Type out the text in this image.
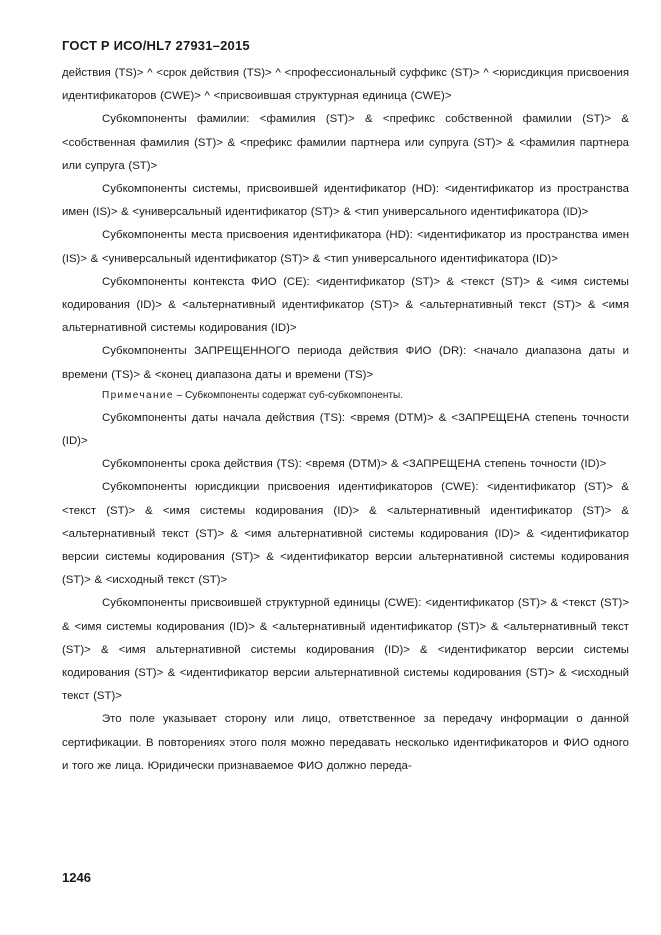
ГОСТ Р ИСО/HL7 27931–2015

действия (TS)> ^ <срок действия (TS)> ^ <профессиональный суффикс (ST)> ^ <юрисдикция присвоения идентификаторов (CWE)> ^ <присвоившая структурная единица (CWE)>

Субкомпоненты фамилии: <фамилия (ST)> & <префикс собственной фамилии (ST)> & <собственная фамилия (ST)> & <префикс фамилии партнера или супруга (ST)> & <фамилия партнера или супруга (ST)>

Субкомпоненты системы, присвоившей идентификатор (HD): <идентификатор из пространства имен (IS)> & <универсальный идентификатор (ST)> & <тип универсального идентификатора (ID)>

Субкомпоненты места присвоения идентификатора (HD): <идентификатор из пространства имен (IS)> & <универсальный идентификатор (ST)> & <тип универсального идентификатора (ID)>

Субкомпоненты контекста ФИО (CE): <идентификатор (ST)> & <текст (ST)> & <имя системы кодирования (ID)> & <альтернативный идентификатор (ST)> & <альтернативный текст (ST)> & <имя альтернативной системы кодирования (ID)>

Субкомпоненты ЗАПРЕЩЕННОГО периода действия ФИО (DR): <начало диапазона даты и времени (TS)> & <конец диапазона даты и времени (TS)>

Примечание – Субкомпоненты содержат суб-субкомпоненты.

Субкомпоненты даты начала действия (TS): <время (DTM)> & <ЗАПРЕЩЕНА степень точности (ID)>

Субкомпоненты срока действия (TS): <время (DTM)> & <ЗАПРЕЩЕНА степень точности (ID)>

Субкомпоненты юрисдикции присвоения идентификаторов (CWE): <идентификатор (ST)> & <текст (ST)> & <имя системы кодирования (ID)> & <альтернативный идентификатор (ST)> & <альтернативный текст (ST)> & <имя альтернативной системы кодирования (ID)> & <идентификатор версии системы кодирования (ST)> & <идентификатор версии альтернативной системы кодирования (ST)> & <исходный текст (ST)>

Субкомпоненты присвоившей структурной единицы (CWE): <идентификатор (ST)> & <текст (ST)> & <имя системы кодирования (ID)> & <альтернативный идентификатор (ST)> & <альтернативный текст (ST)> & <имя альтернативной системы кодирования (ID)> & <идентификатор версии системы кодирования (ST)> & <идентификатор версии альтернативной системы кодирования (ST)> & <исходный текст (ST)>

Это поле указывает сторону или лицо, ответственное за передачу информации о данной сертификации. В повторениях этого поля можно передавать несколько идентификаторов и ФИО одного и того же лица. Юридически признаваемое ФИО должно переда-

1246
